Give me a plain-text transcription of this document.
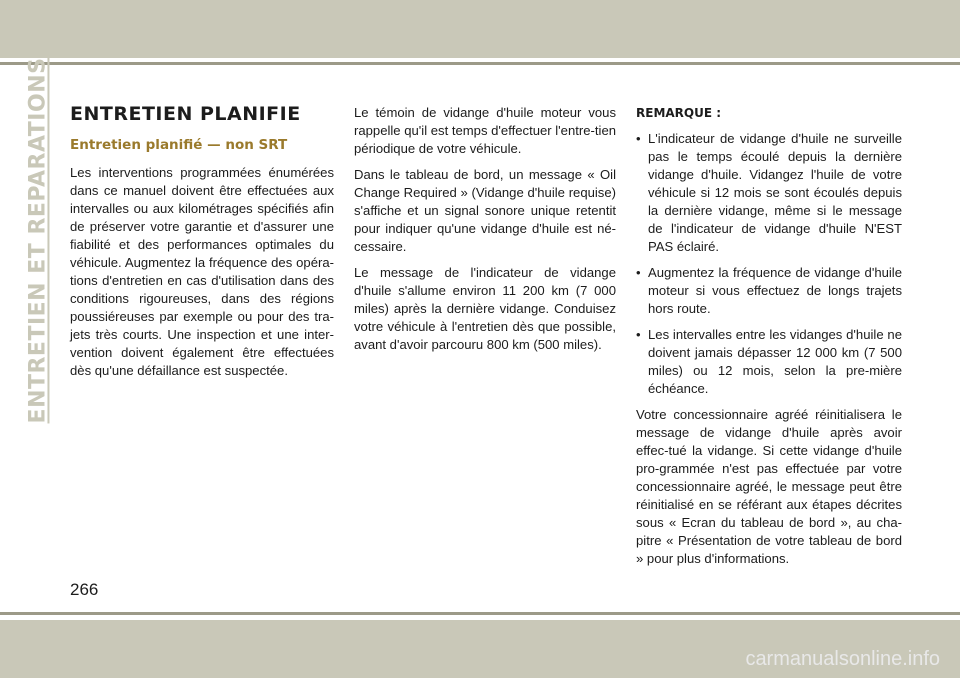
ENTRETIEN ET REPARATIONS ENTRETIEN PLANIFIE
Entretien planifié — non SRT

Les interventions programmées énumérées dans ce manuel doivent être effectuées aux intervalles ou aux kilométrages spécifiés afin de préserver votre garantie et d'assurer une fiabilité et des performances optimales du véhicule. Augmentez la fréquence des opéra-tions d'entretien en cas d'utilisation dans des conditions rigoureuses, dans des régions poussiéreuses par exemple ou pour des tra-jets très courts. Une inspection et une inter-vention doivent également être effectuées dès qu'une défaillance est suspectée.

Le témoin de vidange d'huile moteur vous rappelle qu'il est temps d'effectuer l'entre-tien périodique de votre véhicule.

Dans le tableau de bord, un message « Oil Change Required » (Vidange d'huile requise) s'affiche et un signal sonore unique retentit pour indiquer qu'une vidange d'huile est né-cessaire.

Le message de l'indicateur de vidange d'huile s'allume environ 11 200 km (7 000 miles) après la dernière vidange. Conduisez votre véhicule à l'entretien dès que possible, avant d'avoir parcouru 800 km (500 miles).

REMARQUE :
• L'indicateur de vidange d'huile ne surveille pas le temps écoulé depuis la dernière vidange d'huile. Vidangez l'huile de votre véhicule si 12 mois se sont écoulés depuis la dernière vidange, même si le message de l'indicateur de vidange d'huile N'EST PAS éclairé.
• Augmentez la fréquence de vidange d'huile moteur si vous effectuez de longs trajets hors route.
• Les intervalles entre les vidanges d'huile ne doivent jamais dépasser 12 000 km (7 500 miles) ou 12 mois, selon la pre-mière échéance.

Votre concessionnaire agréé réinitialisera le message de vidange d'huile après avoir effec-tué la vidange. Si cette vidange d'huile pro-grammée n'est pas effectuée par votre concessionnaire agréé, le message peut être réinitialisé en se référant aux étapes décrites sous « Ecran du tableau de bord », au cha-pitre « Présentation de votre tableau de bord » pour plus d'informations.

266
carmanualsonline.info
